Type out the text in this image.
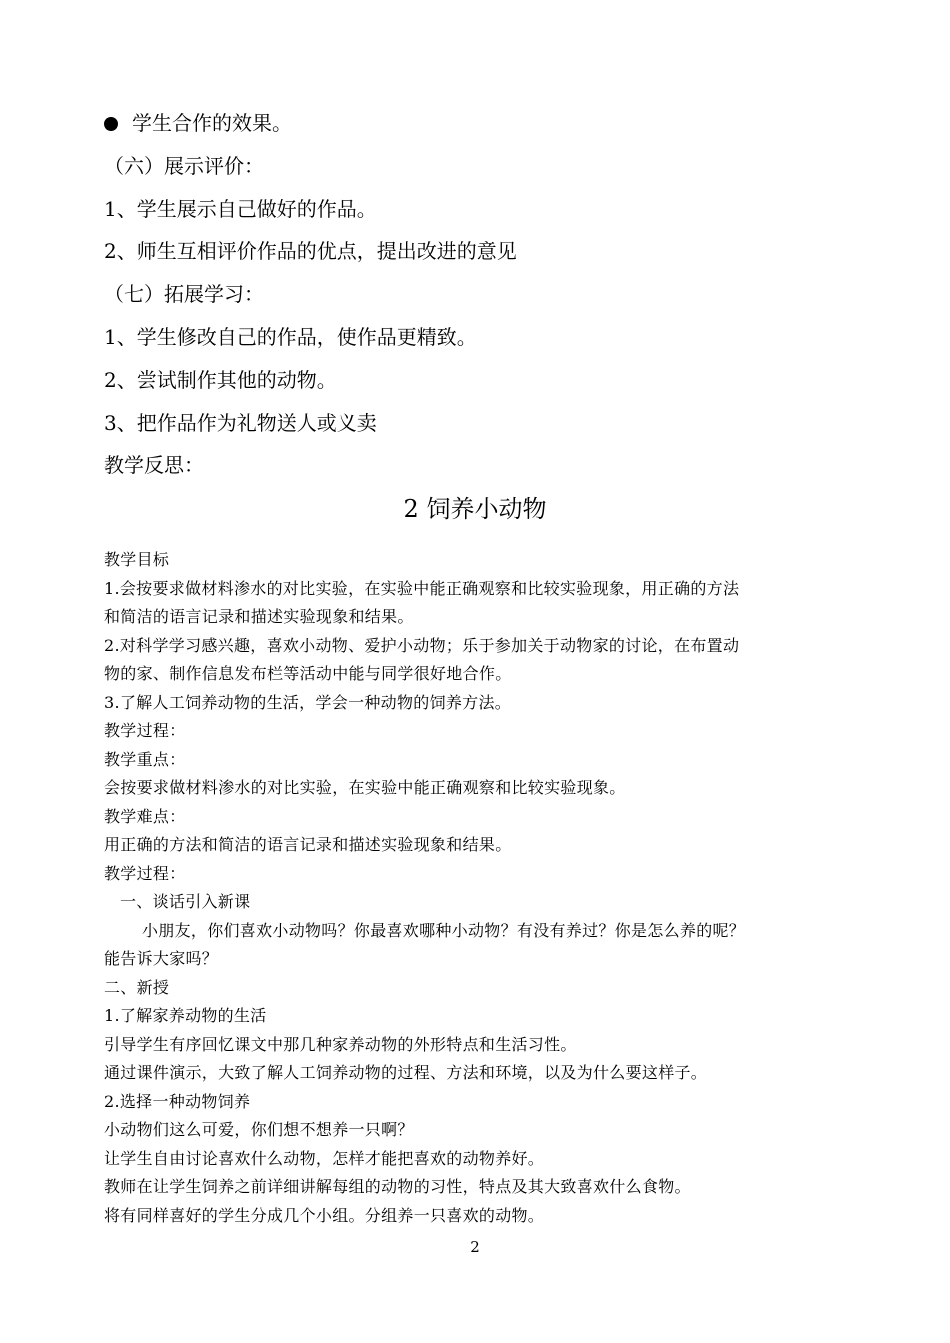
学生合作的效果。
（六）展示评价：
1、学生展示自己做好的作品。
2、师生互相评价作品的优点，提出改进的意见
（七）拓展学习：
1、学生修改自己的作品，使作品更精致。
2、尝试制作其他的动物。
3、把作品作为礼物送人或义卖
教学反思：
2 饲养小动物
教学目标
1.会按要求做材料渗水的对比实验，在实验中能正确观察和比较实验现象，用正确的方法
和简洁的语言记录和描述实验现象和结果。
2.对科学学习感兴趣，喜欢小动物、爱护小动物；乐于参加关于动物家的讨论，在布置动
物的家、制作信息发布栏等活动中能与同学很好地合作。
3.了解人工饲养动物的生活，学会一种动物的饲养方法。
教学过程：
教学重点：
会按要求做材料渗水的对比实验，在实验中能正确观察和比较实验现象。
教学难点：
用正确的方法和简洁的语言记录和描述实验现象和结果。
教学过程：
一、谈话引入新课
小朋友，你们喜欢小动物吗？你最喜欢哪种小动物？有没有养过？你是怎么养的呢？
能告诉大家吗？
二、新授
1.了解家养动物的生活
引导学生有序回忆课文中那几种家养动物的外形特点和生活习性。
通过课件演示，大致了解人工饲养动物的过程、方法和环境，以及为什么要这样子。
2.选择一种动物饲养
小动物们这么可爱，你们想不想养一只啊？
让学生自由讨论喜欢什么动物，怎样才能把喜欢的动物养好。
教师在让学生饲养之前详细讲解每组的动物的习性，特点及其大致喜欢什么食物。
将有同样喜好的学生分成几个小组。分组养一只喜欢的动物。
2
